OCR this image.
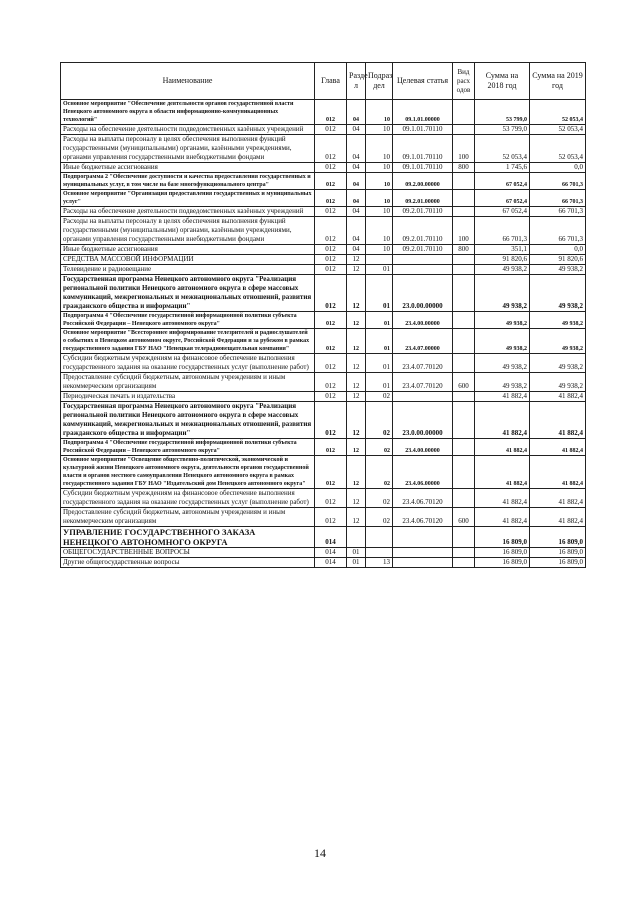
Наименование	Глава	Разде л	Подраз дел	Целевая статья	Вид расх одов	Сумма на 2018 год	Сумма на 2019 год
Основное мероприятие "Обеспечение деятельности органов государственной власти Ненецкого автономного округа в области информационно-коммуникационных технологий"	012	04	10	09.1.01.00000		53 799,0	52 053,4
Расходы на обеспечение деятельности подведомственных казённых учреждений	012	04	10	09.1.01.70110		53 799,0	52 053,4
Расходы на выплаты персоналу в целях обеспечения выполнения функций государственными (муниципальными) органами, казёнными учреждениями, органами управления государственными внебюджетными фондами	012	04	10	09.1.01.70110	100	52 053,4	52 053,4
Иные бюджетные ассигнования	012	04	10	09.1.01.70110	800	1 745,6	0,0
Подпрограмма 2 "Обеспечение доступности и качества предоставления государственных и муниципальных услуг, в том числе на базе многофункционального центра"	012	04	10	09.2.00.00000		67 052,4	66 701,3
Основное мероприятие "Организация предоставления государственных и муниципальных услуг"	012	04	10	09.2.01.00000		67 052,4	66 701,3
Расходы на обеспечение деятельности подведомственных казённых учреждений	012	04	10	09.2.01.70110		67 052,4	66 701,3
Расходы на выплаты персоналу в целях обеспечения выполнения функций государственными (муниципальными) органами, казёнными учреждениями, органами управления государственными внебюджетными фондами	012	04	10	09.2.01.70110	100	66 701,3	66 701,3
Иные бюджетные ассигнования	012	04	10	09.2.01.70110	800	351,1	0,0
СРЕДСТВА МАССОВОЙ ИНФОРМАЦИИ	012	12				91 820,6	91 820,6
Телевидение и радиовещание	012	12	01			49 938,2	49 938,2
Государственная программа Ненецкого автономного округа "Реализация региональной политики Ненецкого автономного округа в сфере массовых коммуникаций, межрегиональных и межнациональных отношений, развития гражданского общества и информации"	012	12	01	23.0.00.00000		49 938,2	49 938,2
Подпрограмма 4 "Обеспечение государственной информационной политики субъекта Российской Федерации – Ненецкого автономного округа"	012	12	01	23.4.00.00000		49 938,2	49 938,2
Основное мероприятие "Всестороннее информирование телезрителей и радиослушателей о событиях в Ненецком автономном округе, Российской Федерации и за рубежом в рамках государственного задания ГБУ НАО "Ненецкая телерадиовещательная компания"	012	12	01	23.4.07.00000		49 938,2	49 938,2
Субсидии бюджетным учреждениям на финансовое обеспечение выполнения государственного задания на оказание государственных услуг (выполнение работ)	012	12	01	23.4.07.70120		49 938,2	49 938,2
Предоставление субсидий бюджетным, автономным учреждениям и иным некоммерческим организациям	012	12	01	23.4.07.70120	600	49 938,2	49 938,2
Периодическая печать и издательства	012	12	02			41 882,4	41 882,4
Государственная программа Ненецкого автономного округа "Реализация региональной политики Ненецкого автономного округа в сфере массовых коммуникаций, межрегиональных и межнациональных отношений, развития гражданского общества и информации"	012	12	02	23.0.00.00000		41 882,4	41 882,4
Подпрограмма 4 "Обеспечение государственной информационной политики субъекта Российской Федерации – Ненецкого автономного округа"	012	12	02	23.4.00.00000		41 882,4	41 882,4
Основное мероприятие "Освещение общественно-политической, экономической и культурной жизни Ненецкого автономного округа, деятельности органов государственной власти и органов местного самоуправления Ненецкого автономного округа в рамках государственного задания ГБУ НАО "Издательский дом Ненецкого автономного округа"	012	12	02	23.4.06.00000		41 882,4	41 882,4
Субсидии бюджетным учреждениям на финансовое обеспечение выполнения государственного задания на оказание государственных услуг (выполнение работ)	012	12	02	23.4.06.70120		41 882,4	41 882,4
Предоставление субсидий бюджетным, автономным учреждениям и иным некоммерческим организациям	012	12	02	23.4.06.70120	600	41 882,4	41 882,4
УПРАВЛЕНИЕ ГОСУДАРСТВЕННОГО ЗАКАЗА НЕНЕЦКОГО АВТОНОМНОГО ОКРУГА	014					16 809,0	16 809,0
ОБЩЕГОСУДАРСТВЕННЫЕ ВОПРОСЫ	014	01				16 809,0	16 809,0
Другие общегосударственные вопросы	014	01	13			16 809,0	16 809,0
14
